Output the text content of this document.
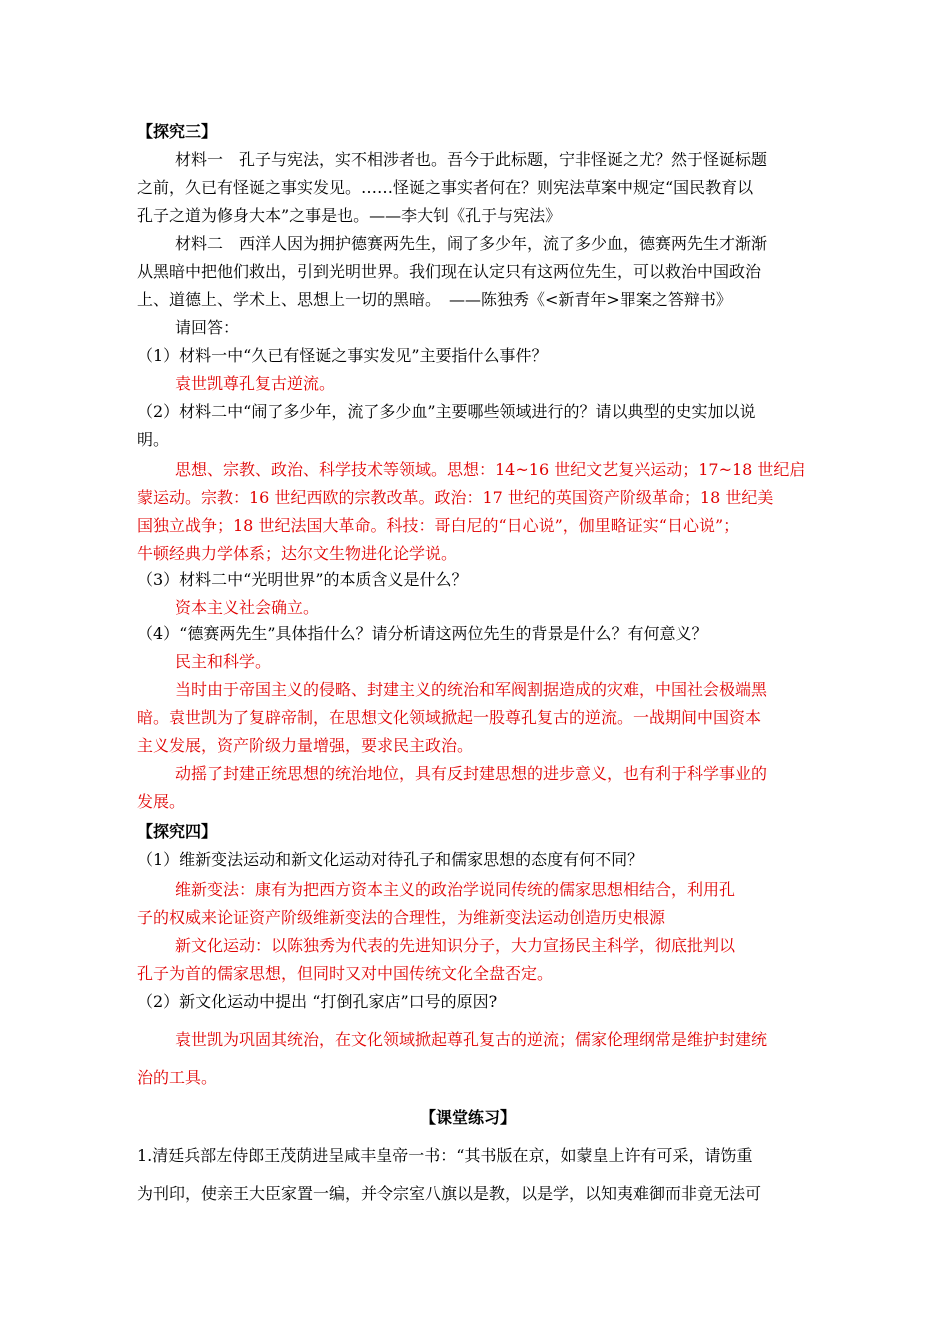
【探究三】
材料一　孔子与宪法，实不相涉者也。吾今于此标题，宁非怪诞之尤？然于怪诞标题
之前，久已有怪诞之事实发见。……怪诞之事实者何在？则宪法草案中规定“国民教育以
孔子之道为修身大本”之事是也。——李大钊《孔于与宪法》
材料二　西洋人因为拥护德赛两先生，闹了多少年，流了多少血，德赛两先生才渐渐
从黑暗中把他们救出，引到光明世界。我们现在认定只有这两位先生，可以救治中国政治
上、道德上、学术上、思想上一切的黑暗。　——陈独秀《<新青年>罪案之答辩书》
请回答：
（1）材料一中“久已有怪诞之事实发见”主要指什么事件？
袁世凯尊孔复古逆流。
（2）材料二中“闹了多少年，流了多少血”主要哪些领域进行的？请以典型的史实加以说
明。
思想、宗教、政治、科学技术等领域。思想：14~16 世纪文艺复兴运动；17~18 世纪启
蒙运动。宗教：16 世纪西欧的宗教改革。政治：17 世纪的英国资产阶级革命；18 世纪美
国独立战争；18 世纪法国大革命。科技：哥白尼的“日心说”，伽里略证实“日心说”；
牛顿经典力学体系；达尔文生物进化论学说。
（3）材料二中“光明世界”的本质含义是什么？
资本主义社会确立。
（4）“德赛两先生”具体指什么？请分析请这两位先生的背景是什么？有何意义？
民主和科学。
当时由于帝国主义的侵略、封建主义的统治和军阀割据造成的灾难，中国社会极端黑
暗。袁世凯为了复辟帝制，在思想文化领域掀起一股尊孔复古的逆流。一战期间中国资本
主义发展，资产阶级力量增强，要求民主政治。
动摇了封建正统思想的统治地位，具有反封建思想的进步意义，也有利于科学事业的
发展。
【探究四】
（1）维新变法运动和新文化运动对待孔子和儒家思想的态度有何不同？
维新变法：康有为把西方资本主义的政治学说同传统的儒家思想相结合，利用孔
子的权威来论证资产阶级维新变法的合理性，为维新变法运动创造历史根源
新文化运动：以陈独秀为代表的先进知识分子，大力宣扬民主科学，彻底批判以
孔子为首的儒家思想，但同时又对中国传统文化全盘否定。
（2）新文化运动中提出 “打倒孔家店”口号的原因?
袁世凯为巩固其统治，在文化领域掀起尊孔复古的逆流；儒家伦理纲常是维护封建统
治的工具。
【课堂练习】
1.清廷兵部左侍郎王茂荫进呈咸丰皇帝一书：“其书版在京，如蒙皇上许有可采，请饬重
为刊印，使亲王大臣家置一编，并令宗室八旗以是教，以是学，以知夷难御而非竟无法可
